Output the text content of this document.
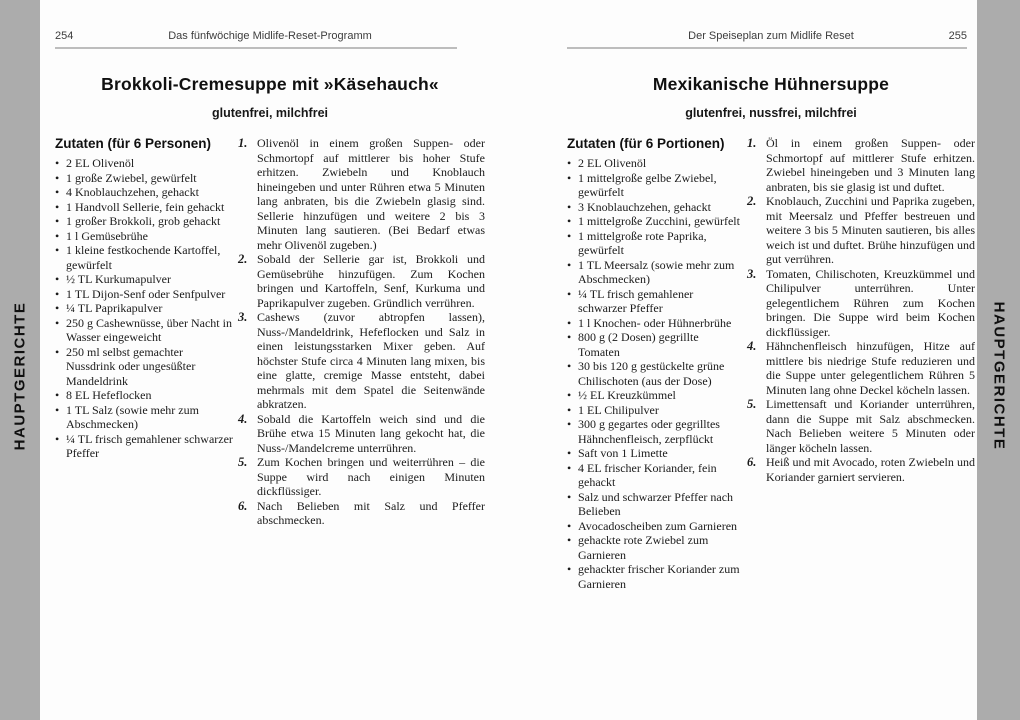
HAUPTGERICHTE	HAUPTGERICHTE
254	Das fünfwöchige Midlife-Reset-Programm
Brokkoli-Cremesuppe mit »Käsehauch«
glutenfrei, milchfrei
Zutaten (für 6 Personen)
• 2 EL Olivenöl
• 1 große Zwiebel, gewürfelt
• 4 Knoblauchzehen, gehackt
• 1 Handvoll Sellerie, fein gehackt
• 1 großer Brokkoli, grob gehackt
• 1 l Gemüsebrühe
• 1 kleine festkochende Kartoffel, gewürfelt
• ½ TL Kurkumapulver
• 1 TL Dijon-Senf oder Senfpulver
• ¼ TL Paprikapulver
• 250 g Cashewnüsse, über Nacht in Wasser eingeweicht
• 250 ml selbst gemachter Nussdrink oder ungesüßter Mandeldrink
• 8 EL Hefeflocken
• 1 TL Salz (sowie mehr zum Abschmecken)
• ¼ TL frisch gemahlener schwarzer Pfeffer
1. Olivenöl in einem großen Suppen- oder Schmortopf auf mittlerer bis hoher Stufe erhitzen. Zwiebeln und Knoblauch hineingeben und unter Rühren etwa 5 Minuten lang anbraten, bis die Zwiebeln glasig sind. Sellerie hinzufügen und weitere 2 bis 3 Minuten lang sautieren. (Bei Bedarf etwas mehr Olivenöl zugeben.)
2. Sobald der Sellerie gar ist, Brokkoli und Gemüsebrühe hinzufügen. Zum Kochen bringen und Kartoffeln, Senf, Kurkuma und Paprikapulver zugeben. Gründlich verrühren.
3. Cashews (zuvor abtropfen lassen), Nuss-/Mandeldrink, Hefeflocken und Salz in einen leistungsstarken Mixer geben. Auf höchster Stufe circa 4 Minuten lang mixen, bis eine glatte, cremige Masse entsteht, dabei mehrmals mit dem Spatel die Seitenwände abkratzen.
4. Sobald die Kartoffeln weich sind und die Brühe etwa 15 Minuten lang gekocht hat, die Nuss-/Mandelcreme unterrühren.
5. Zum Kochen bringen und weiterrühren – die Suppe wird nach einigen Minuten dickflüssiger.
6. Nach Belieben mit Salz und Pfeffer abschmecken.
255
Der Speiseplan zum Midlife Reset
Mexikanische Hühnersuppe
glutenfrei, nussfrei, milchfrei
Zutaten (für 6 Portionen)
• 2 EL Olivenöl
• 1 mittelgroße gelbe Zwiebel, gewürfelt
• 3 Knoblauchzehen, gehackt
• 1 mittelgroße Zucchini, gewürfelt
• 1 mittelgroße rote Paprika, gewürfelt
• 1 TL Meersalz (sowie mehr zum Abschmecken)
• ¼ TL frisch gemahlener schwarzer Pfeffer
• 1 l Knochen- oder Hühnerbrühe
• 800 g (2 Dosen) gegrillte Tomaten
• 30 bis 120 g gestückelte grüne Chilischoten (aus der Dose)
• ½ EL Kreuzkümmel
• 1 EL Chilipulver
• 300 g gegartes oder gegrilltes Hähnchenfleisch, zerpflückt
• Saft von 1 Limette
• 4 EL frischer Koriander, fein gehackt
• Salz und schwarzer Pfeffer nach Belieben
• Avocadoscheiben zum Garnieren
• gehackte rote Zwiebel zum Garnieren
• gehackter frischer Koriander zum Garnieren
1. Öl in einem großen Suppen- oder Schmortopf auf mittlerer Stufe erhitzen. Zwiebel hineingeben und 3 Minuten lang anbraten, bis sie glasig ist und duftet.
2. Knoblauch, Zucchini und Paprika zugeben, mit Meersalz und Pfeffer bestreuen und weitere 3 bis 5 Minuten sautieren, bis alles weich ist und duftet. Brühe hinzufügen und gut verrühren.
3. Tomaten, Chilischoten, Kreuzkümmel und Chilipulver unterrühren. Unter gelegentlichem Rühren zum Kochen bringen. Die Suppe wird beim Kochen dickflüssiger.
4. Hähnchenfleisch hinzufügen, Hitze auf mittlere bis niedrige Stufe reduzieren und die Suppe unter gelegentlichem Rühren 5 Minuten lang ohne Deckel köcheln lassen.
5. Limettensaft und Koriander unterrühren, dann die Suppe mit Salz abschmecken. Nach Belieben weitere 5 Minuten oder länger köcheln lassen.
6. Heiß und mit Avocado, roten Zwiebeln und Koriander garniert servieren.
